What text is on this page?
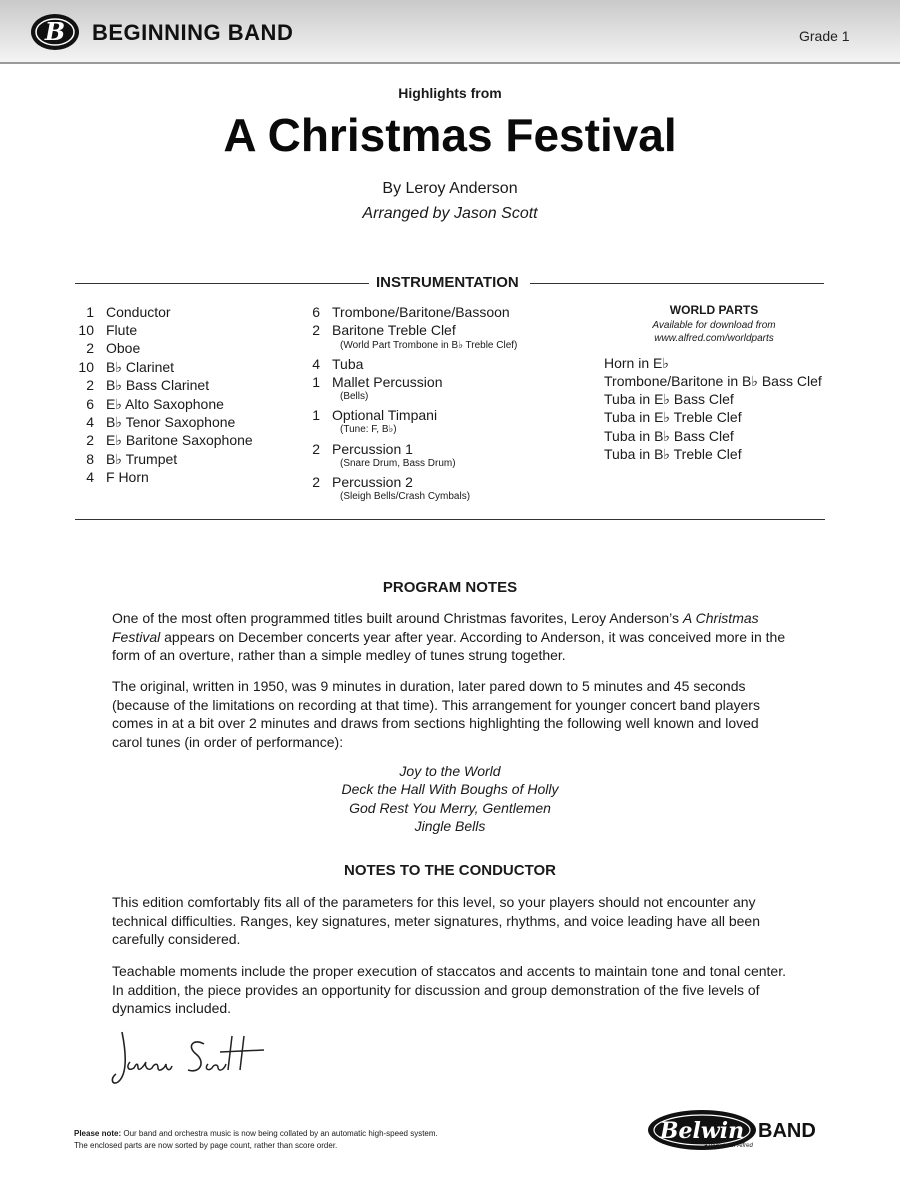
B BEGINNING BAND	Grade 1
Highlights from
A Christmas Festival
By Leroy Anderson
Arranged by Jason Scott
INSTRUMENTATION
1 Conductor
10 Flute
2 Oboe
10 B♭ Clarinet
2 B♭ Bass Clarinet
6 E♭ Alto Saxophone
4 B♭ Tenor Saxophone
2 E♭ Baritone Saxophone
8 B♭ Trumpet
4 F Horn
6 Trombone/Baritone/Bassoon
2 Baritone Treble Clef
(World Part Trombone in B♭ Treble Clef)
4 Tuba
1 Mallet Percussion
(Bells)
1 Optional Timpani
(Tune: F, B♭)
2 Percussion 1
(Snare Drum, Bass Drum)
2 Percussion 2
(Sleigh Bells/Crash Cymbals)
WORLD PARTS
Available for download from
www.alfred.com/worldparts
Horn in E♭
Trombone/Baritone in B♭ Bass Clef
Tuba in E♭ Bass Clef
Tuba in E♭ Treble Clef
Tuba in B♭ Bass Clef
Tuba in B♭ Treble Clef
PROGRAM NOTES

One of the most often programmed titles built around Christmas favorites, Leroy Anderson’s A Christmas Festival appears on December concerts year after year. According to Anderson, it was conceived more in the form of an overture, rather than a simple medley of tunes strung together.

The original, written in 1950, was 9 minutes in duration, later pared down to 5 minutes and 45 seconds (because of the limitations on recording at that time). This arrangement for younger concert band players comes in at a bit over 2 minutes and draws from sections highlighting the following well known and loved carol tunes (in order of performance):

Joy to the World
Deck the Hall With Boughs of Holly
God Rest You Merry, Gentlemen
Jingle Bells
NOTES TO THE CONDUCTOR

This edition comfortably fits all of the parameters for this level, so your players should not encounter any technical difficulties. Ranges, key signatures, meter signatures, rhythms, and voice leading have all been carefully considered.

Teachable moments include the proper execution of staccatos and accents to maintain tone and tonal center. In addition, the piece provides an opportunity for discussion and group demonstration of the five levels of dynamics included.

Please note: Our band and orchestra music is now being collated by an automatic high-speed system.
The enclosed parts are now sorted by page count, rather than score order.
Belwin BAND
a division of Alfred
